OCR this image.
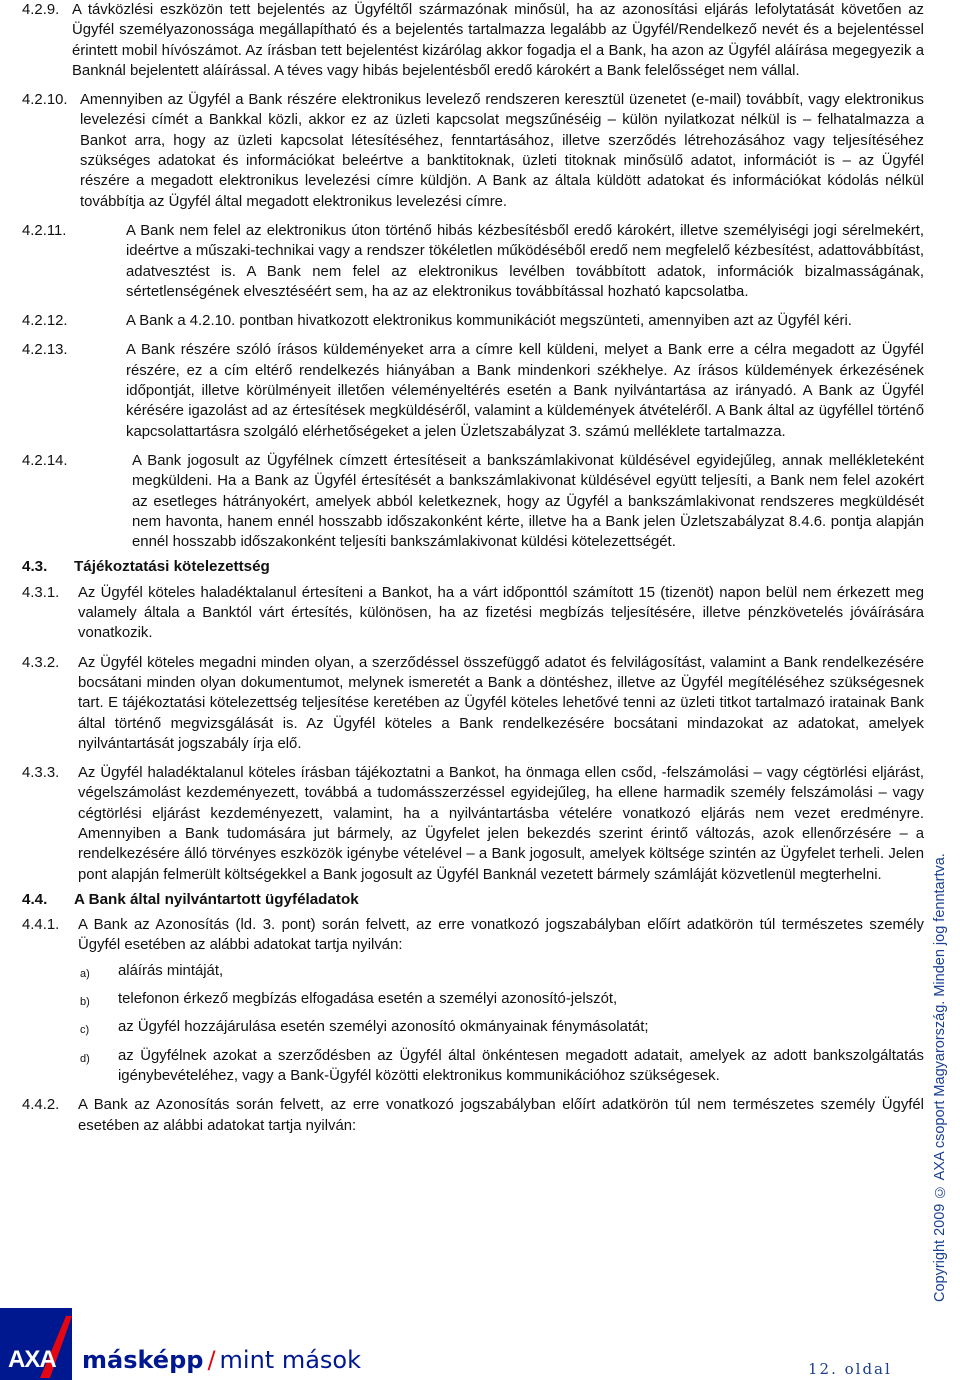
4.2.9. A távközlési eszközön tett bejelentés az Ügyféltől származónak minősül, ha az azonosítási eljárás lefolytatását követően az Ügyfél személyazonossága megállapítható és a bejelentés tartalmazza legalább az Ügyfél/Rendelkező nevét és a bejelentéssel érintett mobil hívószámot. Az írásban tett bejelentést kizárólag akkor fogadja el a Bank, ha azon az Ügyfél aláírása megegyezik a Banknál bejelentett aláírással. A téves vagy hibás bejelentésből eredő károkért a Bank felelősséget nem vállal.
4.2.10. Amennyiben az Ügyfél a Bank részére elektronikus levelező rendszeren keresztül üzenetet (e-mail) továbbít, vagy elektronikus levelezési címét a Bankkal közli, akkor ez az üzleti kapcsolat megszűnéséig – külön nyilatkozat nélkül is – felhatalmazza a Bankot arra, hogy az üzleti kapcsolat létesítéséhez, fenntartásához, illetve szerződés létrehozásához vagy teljesítéséhez szükséges adatokat és információkat beleértve a banktitoknak, üzleti titoknak minősülő adatot, információt is – az Ügyfél részére a megadott elektronikus levelezési címre küldjön. A Bank az általa küldött adatokat és információkat kódolás nélkül továbbítja az Ügyfél által megadott elektronikus levelezési címre.
4.2.11.	A Bank nem felel az elektronikus úton történő hibás kézbesítésből eredő károkért, illetve személyiségi jogi sérelmekért, ideértve a műszaki-technikai vagy a rendszer tökéletlen működéséből eredő nem megfelelő kézbesítést, adattovábbítást, adatvesztést is. A Bank nem felel az elektronikus levélben továbbított adatok, információk bizalmasságának, sértetlenségének elvesztéséért sem, ha az az elektronikus továbbítással hozható kapcsolatba.
4.2.12.	A Bank a 4.2.10. pontban hivatkozott elektronikus kommunikációt megszünteti, amennyiben azt az Ügyfél kéri.
4.2.13.	A Bank részére szóló írásos küldeményeket arra a címre kell küldeni, melyet a Bank erre a célra megadott az Ügyfél részére, ez a cím eltérő rendelkezés hiányában a Bank mindenkori székhelye. Az írásos küldemények érkezésének időpontját, illetve körülményeit illetően véleményeltérés esetén a Bank nyilvántartása az irányadó. A Bank az Ügyfél kérésére igazolást ad az értesítések megküldéséről, valamint a küldemények átvételéről. A Bank által az ügyféllel történő kapcsolattartásra szolgáló elérhetőségeket a jelen Üzletszabályzat 3. számú melléklete tartalmazza.
4.2.14.	A Bank jogosult az Ügyfélnek címzett értesítéseit a bankszámlakivonat küldésével egyidejűleg, annak mellékleteként megküldeni. Ha a Bank az Ügyfél értesítését a bankszámlakivonat küldésével együtt teljesíti, a Bank nem felel azokért az esetleges hátrányokért, amelyek abból keletkeznek, hogy az Ügyfél a bankszámlakivonat rendszeres megküldését nem havonta, hanem ennél hosszabb időszakonként kérte, illetve ha a Bank jelen Üzletszabályzat 8.4.6. pontja alapján ennél hosszabb időszakonként teljesíti bankszámlakivonat küldési kötelezettségét.
4.3.	Tájékoztatási kötelezettség
4.3.1.	Az Ügyfél köteles haladéktalanul értesíteni a Bankot, ha a várt időponttól számított 15 (tizenöt) napon belül nem érkezett meg valamely általa a Banktól várt értesítés, különösen, ha az fizetési megbízás teljesítésére, illetve pénzkövetelés jóváírására vonatkozik.
4.3.2.	Az Ügyfél köteles megadni minden olyan, a szerződéssel összefüggő adatot és felvilágosítást, valamint a Bank rendelkezésére bocsátani minden olyan dokumentumot, melynek ismeretét a Bank a döntéshez, illetve az Ügyfél megítéléséhez szükségesnek tart. E tájékoztatási kötelezettség teljesítése keretében az Ügyfél köteles lehetővé tenni az üzleti titkot tartalmazó iratainak Bank által történő megvizsgálását is. Az Ügyfél köteles a Bank rendelkezésére bocsátani mindazokat az adatokat, amelyek nyilvántartását jogszabály írja elő.
4.3.3.	Az Ügyfél haladéktalanul köteles írásban tájékoztatni a Bankot, ha önmaga ellen csőd, -felszámolási – vagy cégtörlési eljárást, végelszámolást kezdeményezett, továbbá a tudomásszerzéssel egyidejűleg, ha ellene harmadik személy felszámolási – vagy cégtörlési eljárást kezdeményezett, valamint, ha a nyilvántartásba vételére vonatkozó eljárás nem vezet eredményre. Amennyiben a Bank tudomására jut bármely, az Ügyfelet jelen bekezdés szerint érintő változás, azok ellenőrzésére – a rendelkezésére álló törvényes eszközök igénybe vételével – a Bank jogosult, amelyek költsége szintén az Ügyfelet terheli. Jelen pont alapján felmerült költségekkel a Bank jogosult az Ügyfél Banknál vezetett bármely számláját közvetlenül megterhelni.
4.4.	A Bank által nyilvántartott ügyféladatok
4.4.1.	A Bank az Azonosítás (ld. 3. pont) során felvett, az erre vonatkozó jogszabályban előírt adatkörön túl természetes személy Ügyfél esetében az alábbi adatokat tartja nyilván:
a)	aláírás mintáját,
b)	telefonon érkező megbízás elfogadása esetén a személyi azonosító-jelszót,
c)	az Ügyfél hozzájárulása esetén személyi azonosító okmányainak fénymásolatát;
d)	az Ügyfélnek azokat a szerződésben az Ügyfél által önkéntesen megadott adatait, amelyek az adott bankszolgáltatás igénybevételéhez, vagy a Bank-Ügyfél közötti elektronikus kommunikációhoz szükségesek.
4.4.2.	A Bank az Azonosítás során felvett, az erre vonatkozó jogszabályban előírt adatkörön túl nem természetes személy Ügyfél esetében az alábbi adatokat tartja nyilván:	Copyright 2009 © AXA csoport Magyarország. Minden jog fenntartva.
AXA másképp / mint mások	12. oldal
